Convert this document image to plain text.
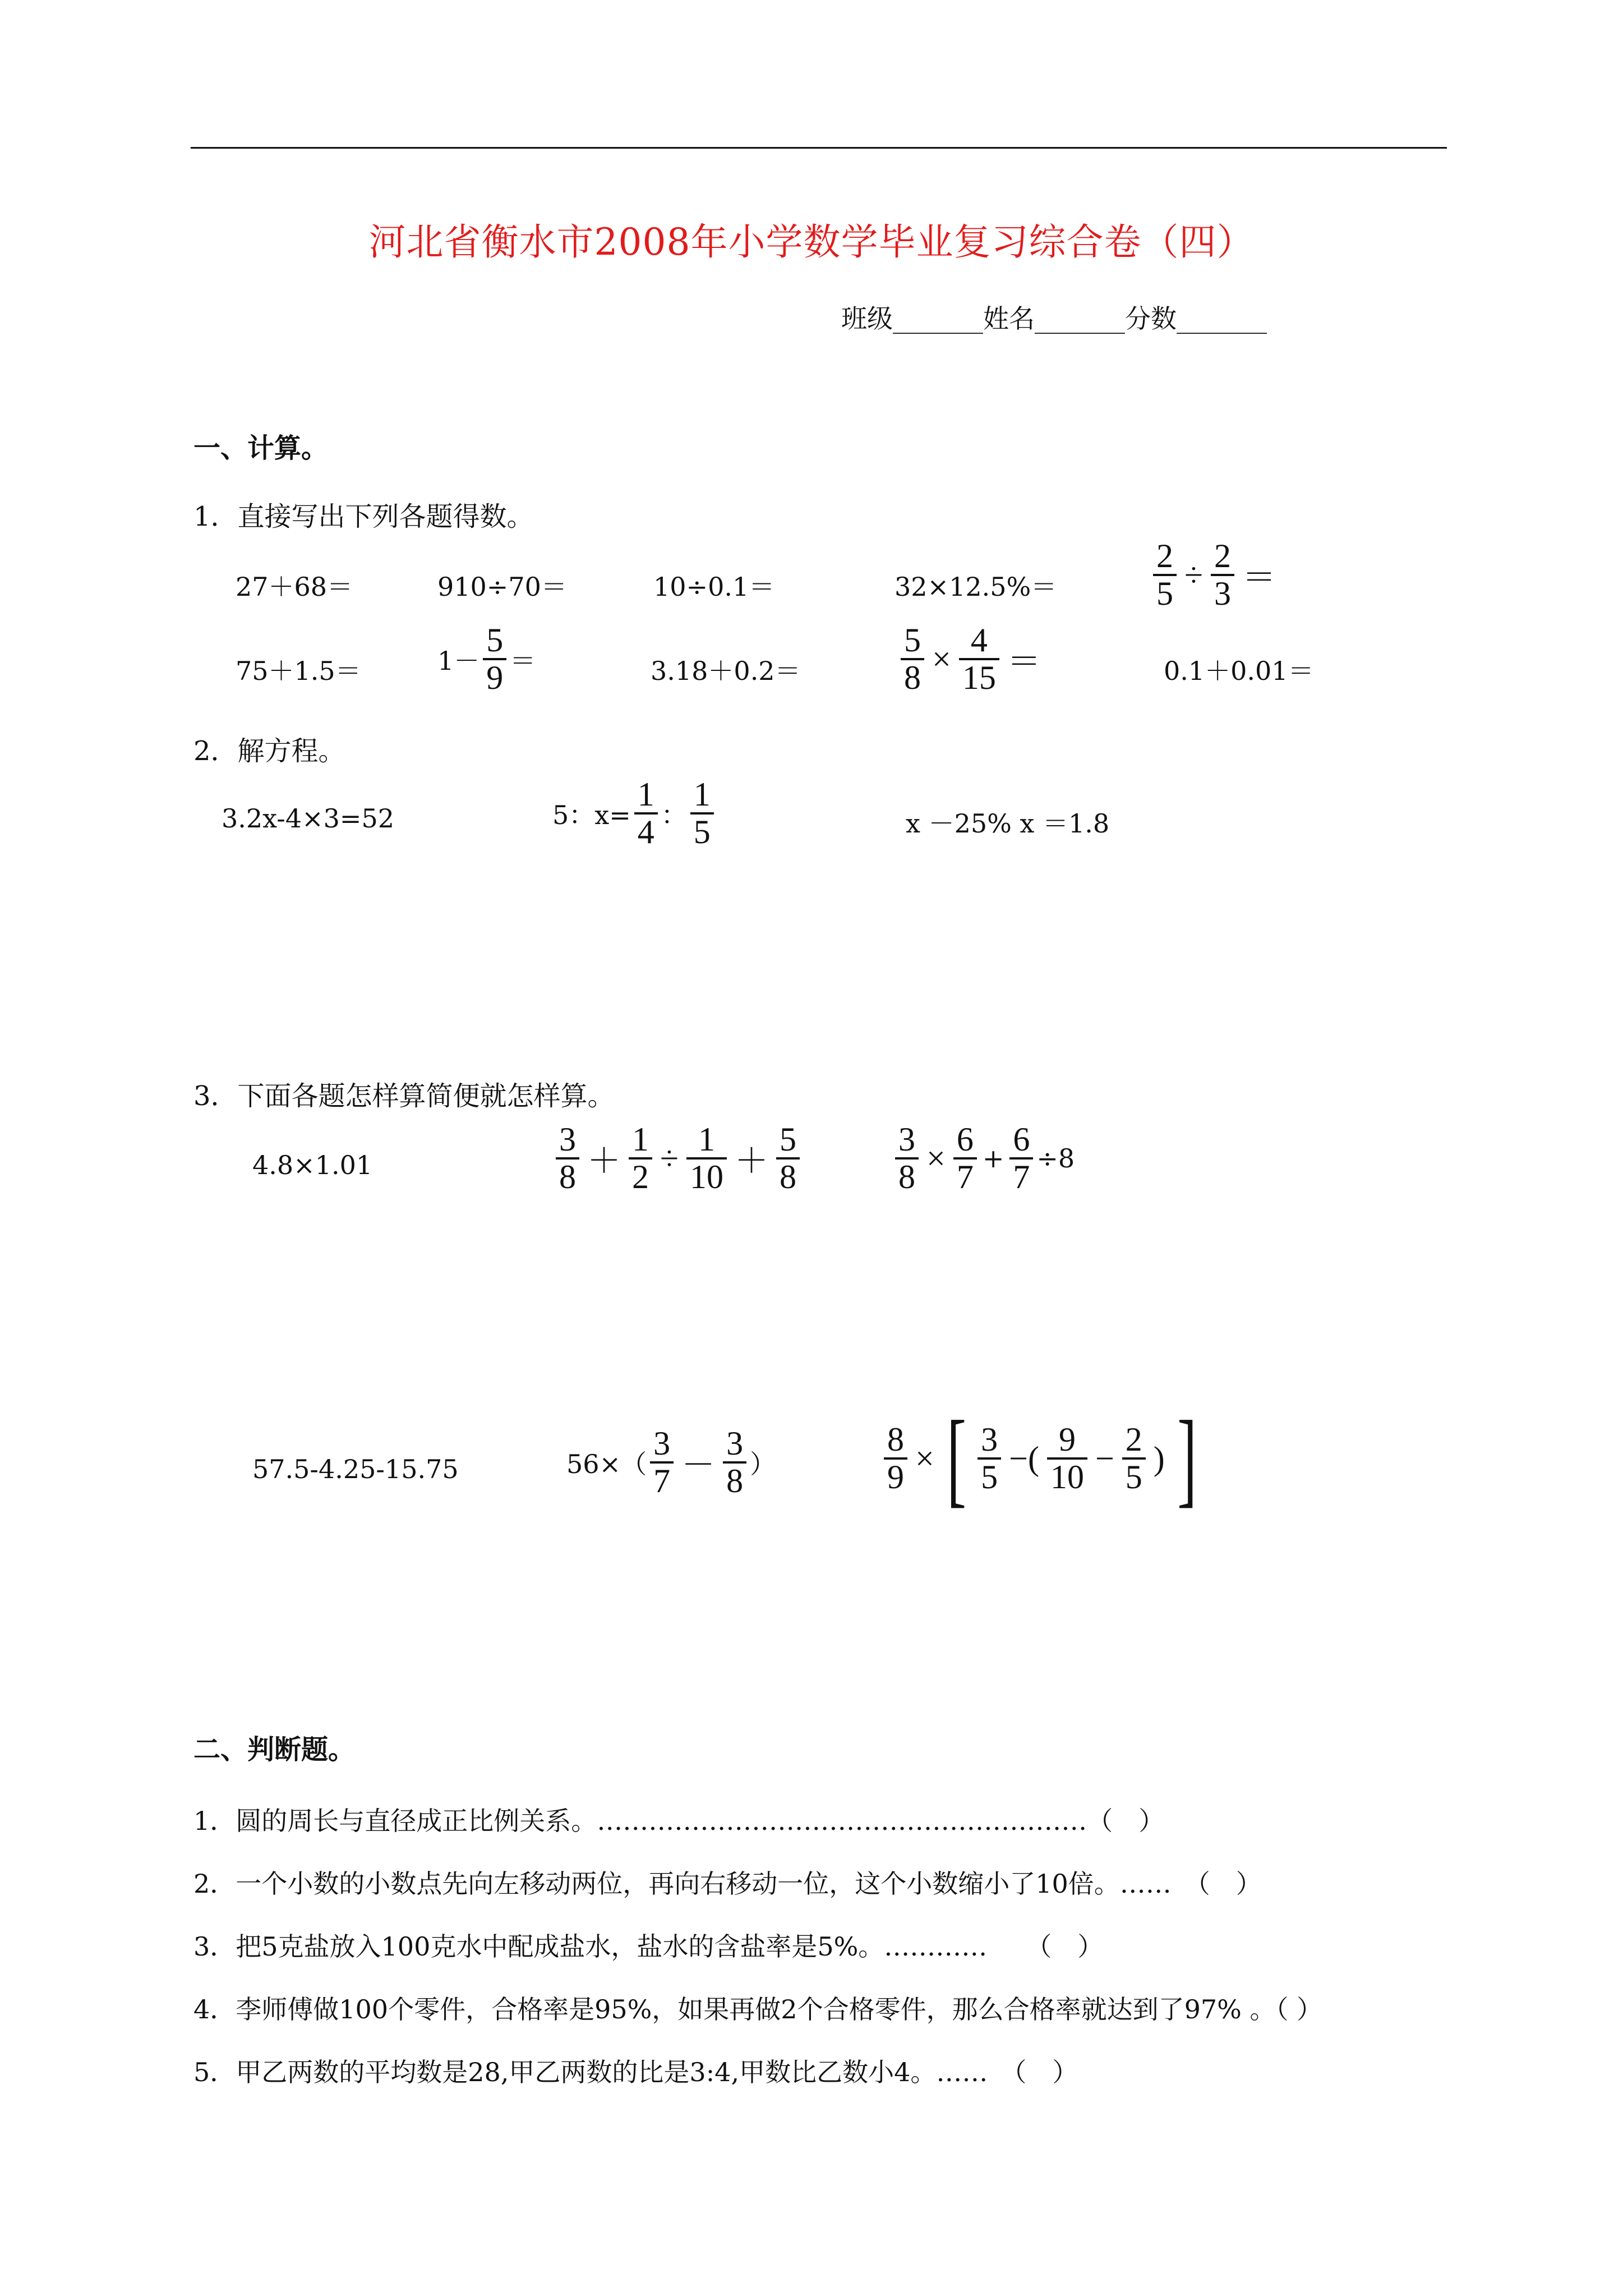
河北省衡水市2008年小学数学毕业复习综合卷（四）
班级_______姓名_______分数_______
一、计算。
1．直接写出下列各题得数。
27＋68＝	910÷70＝	10÷0.1＝	32×12.5%＝	$\frac{2}{5} \div \frac{2}{3}$ ＝
75＋1.5＝	$1- \frac{5}{9}$ ＝	3.18＋0.2＝	$\frac{5}{8} \times \frac{4}{15}$ ＝	0.1＋0.01＝
2．解方程。
3.2x-4×3=52	5：$x= \frac{1}{4}$ ： $\frac{1}{5}$	x －25% x ＝1.8
3．下面各题怎样算简便就怎样算。
4.8×1.01	$\frac{3}{8} + \frac{1}{2} \div \frac{1}{10} + \frac{5}{8}$	$\frac{3}{8} \times \frac{6}{7} + \frac{6}{7} \div 8$
57.5-4.25-15.75	$56\times( \frac{3}{7} - \frac{3}{8}$ ）	$\frac{8}{9}$ × [ $\frac{3}{5}$ −( $\frac{9}{10} - \frac{2}{5}$ ) ]
二、判断题。
1．圆的周长与直径成正比例关系。…………………………………………………（　）
2．一个小数的小数点先向左移动两位，再向右移动一位，这个小数缩小了10倍。……　（　）
3．把5克盐放入100克水中配成盐水，盐水的含盐率是5%。…………　　（　）
4．李师傅做100个零件，合格率是95%，如果再做2个合格零件，那么合格率就达到了97% 。（ ）
5．甲乙两数的平均数是28,甲乙两数的比是3:4,甲数比乙数小4。……　（　）
